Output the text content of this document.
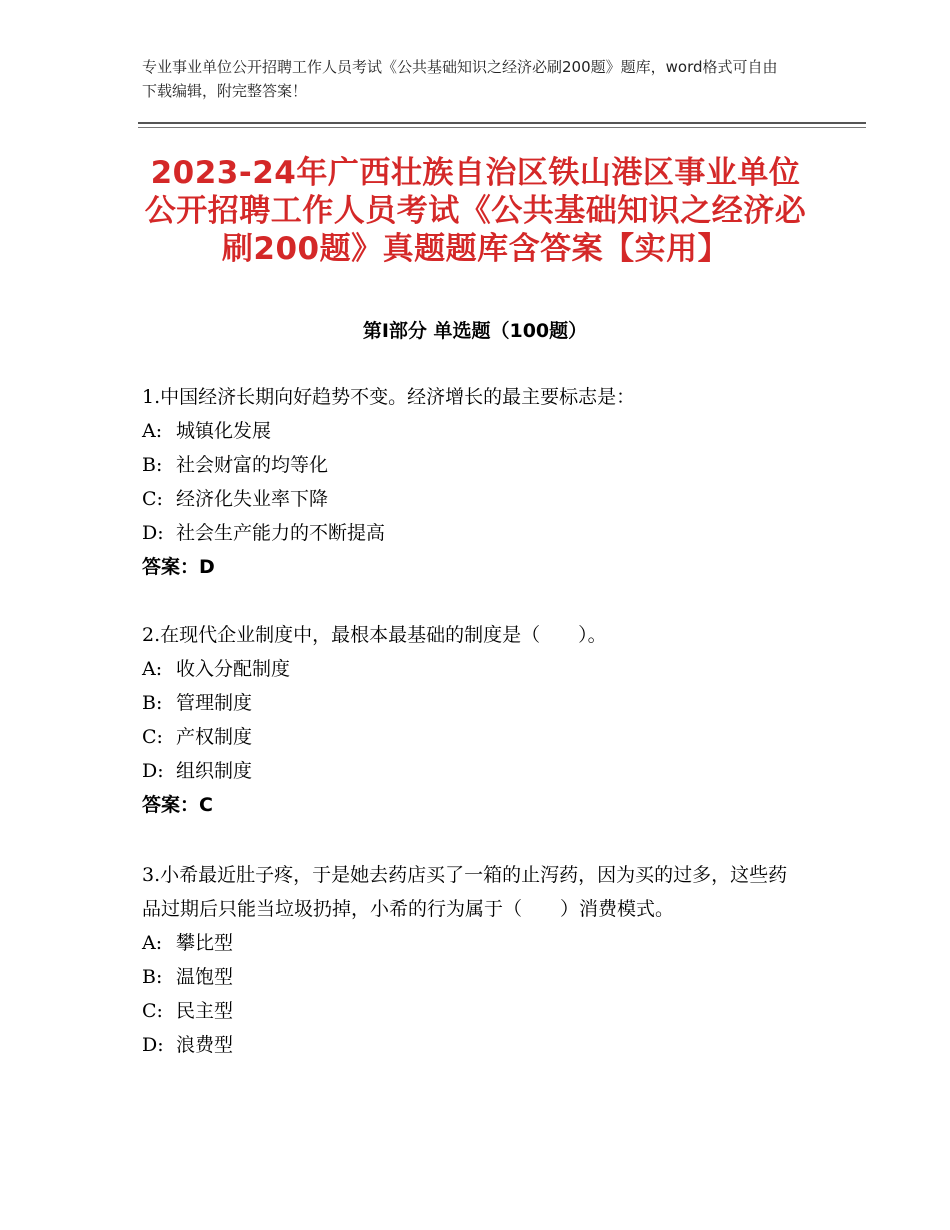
专业事业单位公开招聘工作人员考试《公共基础知识之经济必刷200题》题库，word格式可自由下载编辑，附完整答案！
2023-24年广西壮族自治区铁山港区事业单位公开招聘工作人员考试《公共基础知识之经济必刷200题》真题题库含答案【实用】
第Ⅰ部分 单选题（100题）

1.中国经济长期向好趋势不变。经济增长的最主要标志是：

A: 城镇化发展

B: 社会财富的均等化

C: 经济化失业率下降

D: 社会生产能力的不断提高

答案：D

2.在现代企业制度中，最根本最基础的制度是（　　）。

A: 收入分配制度

B: 管理制度

C: 产权制度

D: 组织制度

答案：C

3.小希最近肚子疼，于是她去药店买了一箱的止泻药，因为买的过多，这些药品过期后只能当垃圾扔掉，小希的行为属于（　　）消费模式。

A: 攀比型

B: 温饱型

C: 民主型

D: 浪费型
